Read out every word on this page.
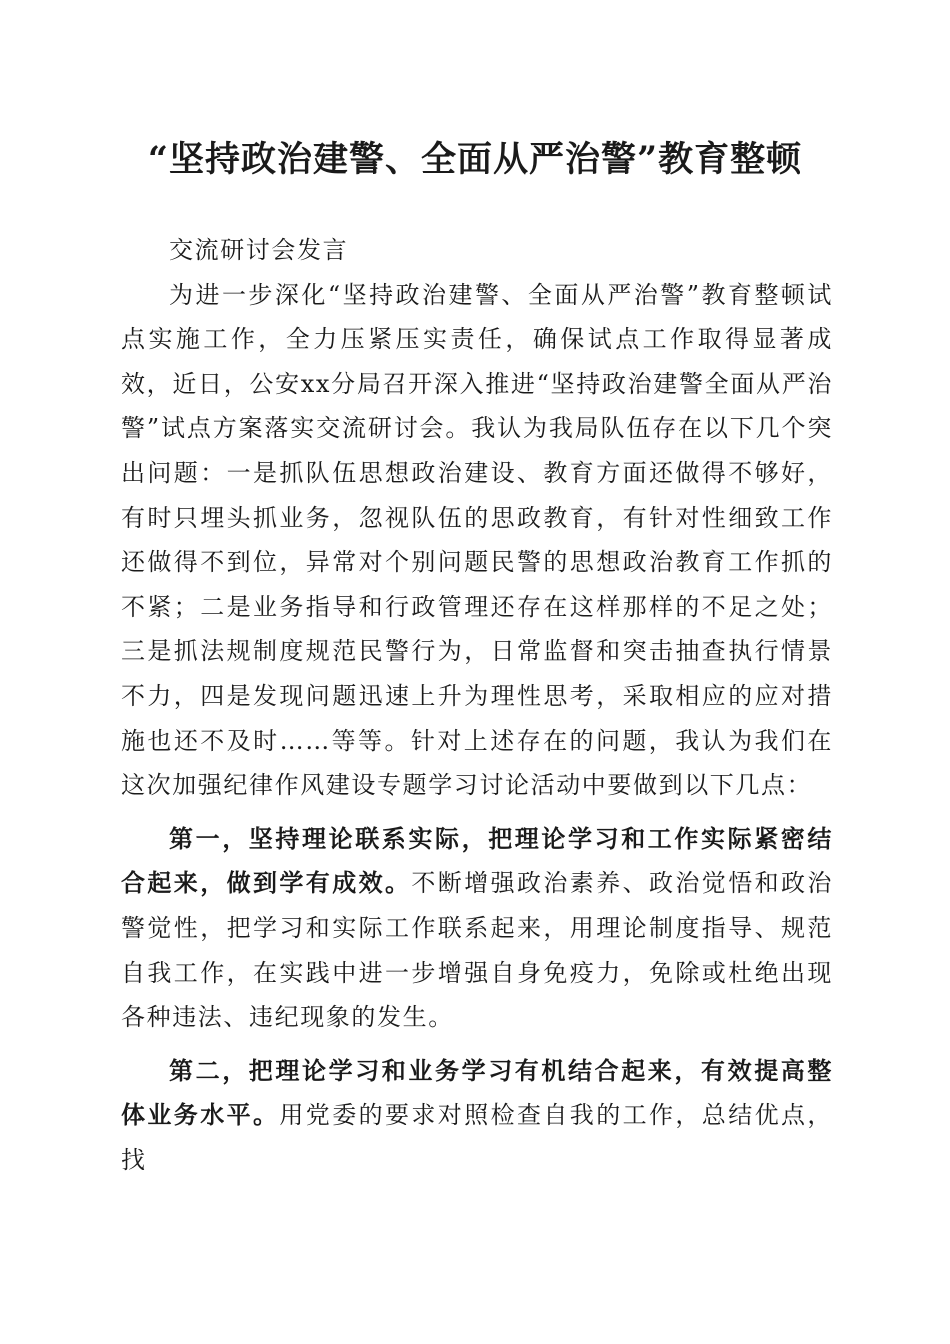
“坚持政治建警、全面从严治警”教育整顿

交流研讨会发言

为进一步深化“坚持政治建警、全面从严治警”教育整顿试点实施工作，全力压紧压实责任，确保试点工作取得显著成效，近日，公安xx分局召开深入推进“坚持政治建警全面从严治警”试点方案落实交流研讨会。我认为我局队伍存在以下几个突出问题：一是抓队伍思想政治建设、教育方面还做得不够好，有时只埋头抓业务，忽视队伍的思政教育，有针对性细致工作还做得不到位，异常对个别问题民警的思想政治教育工作抓的不紧；二是业务指导和行政管理还存在这样那样的不足之处；三是抓法规制度规范民警行为，日常监督和突击抽查执行情景不力，四是发现问题迅速上升为理性思考，采取相应的应对措施也还不及时……等等。针对上述存在的问题，我认为我们在这次加强纪律作风建设专题学习讨论活动中要做到以下几点：

第一，坚持理论联系实际，把理论学习和工作实际紧密结合起来，做到学有成效。不断增强政治素养、政治觉悟和政治警觉性，把学习和实际工作联系起来，用理论制度指导、规范自我工作，在实践中进一步增强自身免疫力，免除或杜绝出现各种违法、违纪现象的发生。

第二，把理论学习和业务学习有机结合起来，有效提高整体业务水平。用党委的要求对照检查自我的工作，总结优点，找
